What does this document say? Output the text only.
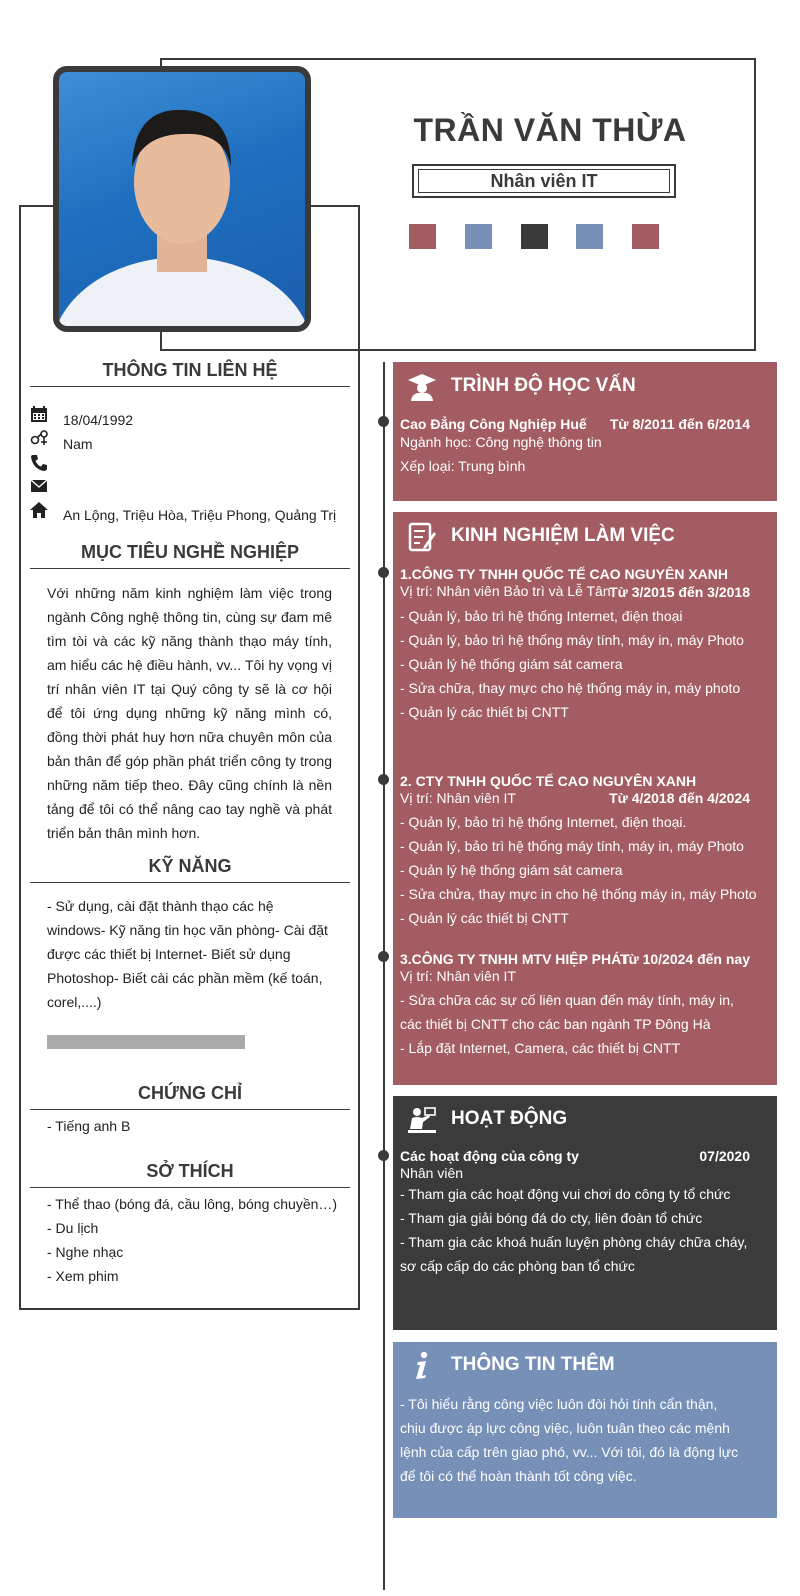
TRẦN VĂN THỪA
Nhân viên IT
THÔNG TIN LIÊN HỆ
18/04/1992
Nam
An Lộng, Triệu Hòa, Triệu Phong, Quảng Trị
MỤC TIÊU NGHỀ NGHIỆP
Với những năm kinh nghiệm làm việc trong ngành Công nghệ thông tin, cùng sự đam mê tìm tòi và các kỹ năng thành thạo máy tính, am hiểu các hệ điều hành, vv... Tôi hy vọng vị trí nhân viên IT tại Quý công ty sẽ là cơ hội để tôi ứng dụng những kỹ năng mình có, đồng thời phát huy hơn nữa chuyên môn của bản thân để góp phần phát triển công ty trong những năm tiếp theo. Đây cũng chính là nền tảng để tôi có thể nâng cao tay nghề và phát triển bản thân mình hơn.
KỸ NĂNG
- Sử dụng, cài đặt thành thạo các hệ windows- Kỹ năng tin học văn phòng- Cài đặt được các thiết bị Internet- Biết sử dụng Photoshop- Biết cài các phần mềm (kế toán, corel,....)
CHỨNG CHỈ
- Tiếng anh B
SỞ THÍCH
- Thể thao (bóng đá, cầu lông, bóng chuyền…)
- Du lịch
- Nghe nhạc
- Xem phim
TRÌNH ĐỘ HỌC VẤN
Cao Đẳng Công Nghiệp Huế Từ 8/2011 đến 6/2014
Ngành học: Công nghệ thông tin
Xếp loại: Trung bình
KINH NGHIỆM LÀM VIỆC
1.CÔNG TY TNHH QUỐC TẾ CAO NGUYÊN XANH
Vị trí: Nhân viên Bảo trì và Lễ Tân
Từ 3/2015 đến 3/2018
- Quản lý, bảo trì hệ thống Internet, điện thoại
- Quản lý, bảo trì hệ thống máy tính, máy in, máy Photo
- Quản lý hệ thống giám sát camera
- Sửa chữa, thay mực cho hệ thống máy in, máy photo
- Quản lý các thiết bị CNTT
2. CTY TNHH QUỐC TẾ CAO NGUYÊN XANH
Vị trí: Nhân viên IT	Từ 4/2018 đến 4/2024
- Quản lý, bảo trì hệ thống Internet, điện thoại.
- Quản lý, bảo trì hệ thống máy tính, máy in, máy Photo
- Quản lý hệ thống giám sát camera
- Sửa chửa, thay mực in cho hệ thống máy in, máy Photo
- Quản lý các thiết bị CNTT
3.CÔNG TY TNHH MTV HIỆP PHÁT
Từ 10/2024 đến nay
Vị trí: Nhân viên IT
- Sửa chữa các sự cố liên quan đến máy tính, máy in,
các thiết bị CNTT cho các ban ngành TP Đông Hà
- Lắp đặt Internet, Camera, các thiết bị CNTT
HOẠT ĐỘNG
Các hoạt động của công ty	07/2020
Nhân viên
- Tham gia các hoạt động vui chơi do công ty tổ chức
- Tham gia giải bóng đá do cty, liên đoàn tổ chức
- Tham gia các khoá huấn luyện phòng cháy chữa cháy,
sơ cấp cấp do các phòng ban tổ chức
THÔNG TIN THÊM
- Tôi hiểu rằng công việc luôn đòi hỏi tính cẩn thận, chịu được áp lực công việc, luôn tuân theo các mệnh lệnh của cấp trên giao phó, vv... Với tôi, đó là động lực để tôi có thể hoàn thành tốt công việc.
